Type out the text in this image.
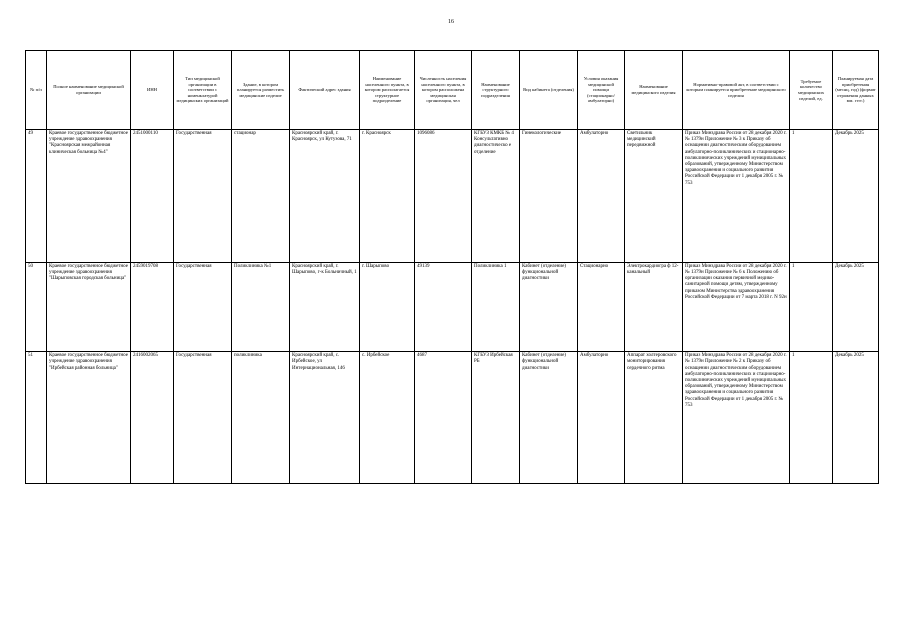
16
№ п/п	Полное наименование медицинской организации	ИНН	Тип медицинской организации в соответствии с номенклатурой медицинских организаций	Здание, в котором планируется разместить медицинские изделие	Фактический адрес здания	Наименование населенного пункта, в котором располагается структурное подразделение	Численность населения населенного пункта, в котором расположена медицинская организация, чел	Наименование структурного подразделения	Вид кабинета (отделения)	Условия оказания медицинской помощи (стационарно/амбулаторно)	Наименование медицинского изделия	Нормативно-правовой акт, в соответствии с которым планируется приобретение медицинского изделия	Требуемое количество медицинских изделий, ед.	Планируемая дата приобретения (месяц, год) (формат отражения данных мм. гггг.)
49	Краевое государственное бюджетное учреждение здравоохранения "Красноярская межрайонная клиническая больница №4"	2451000110	Государственная	стационар	Красноярский край, г. Красноярск, ул Кутузова, 71	г. Красноярск	1096086	КГБУЗ КМКБ № 4 Консультативно диагностическо е отделение	Гинекологические	Амбулаторно	Светильник медицинский передвижной	Приказ Минздрава России от 28 декабря 2020 г. № 1379н Приложение № 3 к Приказу об оснащении диагностическим оборудованием амбулаторно-поликлинических и стационарно-поликлинических учреждений муниципальных образований, утвержденному Министерством здравоохранения и социального развития Российской Федерации от 1 декабря 2005 г. № 753	1	Декабрь 2025
50	Краевое государственное бюджетное учреждение здравоохранения "Шарыповская городская больница"	2459019708	Государственная	Поликлиника №1	Красноярский край, г. Шарыпово, г-к Больничный, 1	г. Шарыпово	49139	Поликлиника 1	Кабинет (отделение) функциональной диагностики	Стационарно	Электрокардиогра ф 12-канальный	Приказ Минздрава России от 28 декабря 2020 г. № 1379н Приложение № 6 к Положению об организации оказания первичной медико-санитарной помощи детям, утвержденному приказом Министерства здравоохранения Российской Федерации от 7 марта 2018 г. N 92н	1	Декабрь 2025
51	Краевое государственное бюджетное учреждение здравоохранения "Ирбейская районная больница"	2416002065	Государственная	поликлиника	Красноярский край, с. Ирбейское, ул Интернациональная, 146	с. Ирбейское	4687	КГБУЗ Ирбейская РБ	Кабинет (отделение) функциональной диагностики	Амбулаторно	Аппарат холтеровского мониторирования сердечного ритма	Приказ Минздрава России от 28 декабря 2020 г. № 1379н Приложение № 2 к Приказу об оснащении диагностическим оборудованием амбулаторно-поликлинических и стационарно-поликлинических учреждений муниципальных образований, утвержденному Министерством здравоохранения и социального развития Российской Федерации от 1 декабря 2005 г. № 753	1	Декабрь 2025
